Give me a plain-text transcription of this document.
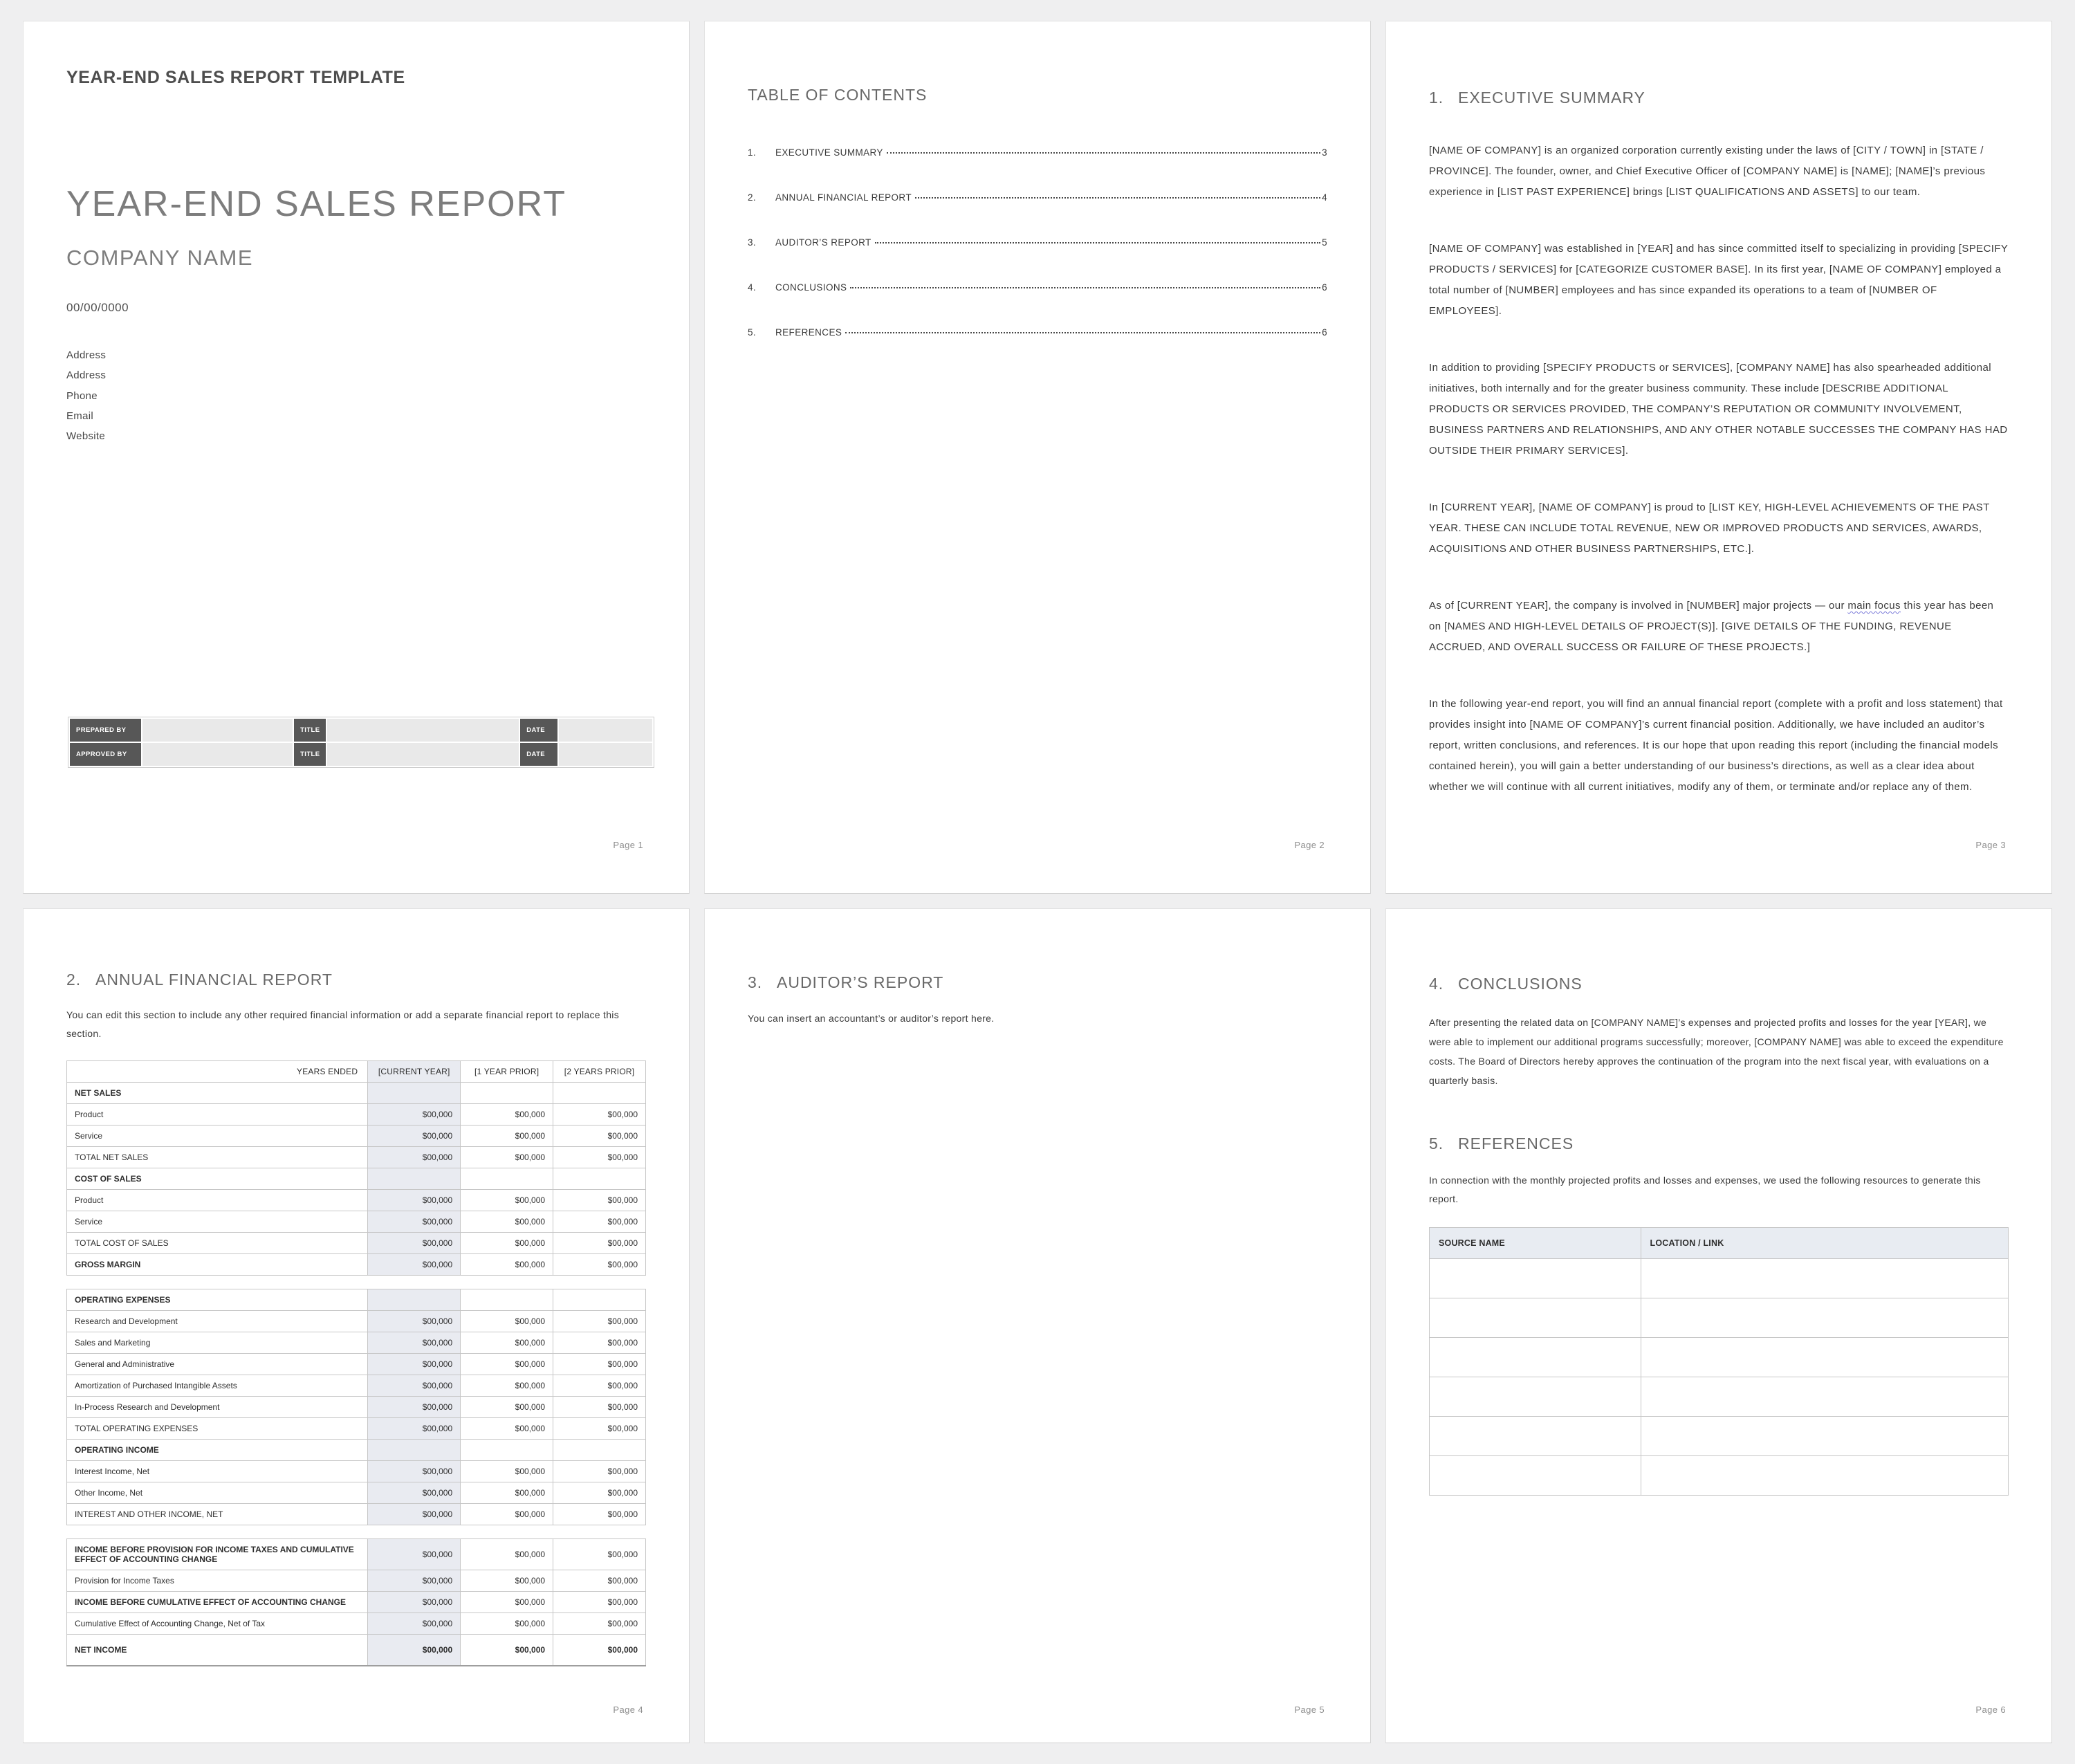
YEAR-END SALES REPORT TEMPLATE
YEAR-END SALES REPORT
COMPANY NAME
00/00/0000
Address
Address
Phone
Email
Website
PREPARED BY		TITLE		DATE	
APPROVED BY		TITLE		DATE	
Page 1
TABLE OF CONTENTS
1.	EXECUTIVE SUMMARY	3
2.	ANNUAL FINANCIAL REPORT	4
3.	AUDITOR’S REPORT	5
4.	CONCLUSIONS	6
5.	REFERENCES	6
Page 2
1. EXECUTIVE SUMMARY

[NAME OF COMPANY] is an organized corporation currently existing under the laws of [CITY / TOWN] in [STATE / PROVINCE]. The founder, owner, and Chief Executive Officer of [COMPANY NAME] is [NAME]; [NAME]’s previous experience in [LIST PAST EXPERIENCE] brings [LIST QUALIFICATIONS AND ASSETS] to our team.

[NAME OF COMPANY] was established in [YEAR] and has since committed itself to specializing in providing [SPECIFY PRODUCTS / SERVICES] for [CATEGORIZE CUSTOMER BASE]. In its first year, [NAME OF COMPANY] employed a total number of [NUMBER] employees and has since expanded its operations to a team of [NUMBER OF EMPLOYEES].

In addition to providing [SPECIFY PRODUCTS or SERVICES], [COMPANY NAME] has also spearheaded additional initiatives, both internally and for the greater business community. These include [DESCRIBE ADDITIONAL PRODUCTS OR SERVICES PROVIDED, THE COMPANY’S REPUTATION OR COMMUNITY INVOLVEMENT, BUSINESS PARTNERS AND RELATIONSHIPS, AND ANY OTHER NOTABLE SUCCESSES THE COMPANY HAS HAD OUTSIDE THEIR PRIMARY SERVICES].

In [CURRENT YEAR], [NAME OF COMPANY] is proud to [LIST KEY, HIGH-LEVEL ACHIEVEMENTS OF THE PAST YEAR. THESE CAN INCLUDE TOTAL REVENUE, NEW OR IMPROVED PRODUCTS AND SERVICES, AWARDS, ACQUISITIONS AND OTHER BUSINESS PARTNERSHIPS, ETC.].

As of [CURRENT YEAR], the company is involved in [NUMBER] major projects — our main focus this year has been on [NAMES AND HIGH-LEVEL DETAILS OF PROJECT(S)]. [GIVE DETAILS OF THE FUNDING, REVENUE ACCRUED, AND OVERALL SUCCESS OR FAILURE OF THESE PROJECTS.]

In the following year-end report, you will find an annual financial report (complete with a profit and loss statement) that provides insight into [NAME OF COMPANY]’s current financial position. Additionally, we have included an auditor’s report, written conclusions, and references. It is our hope that upon reading this report (including the financial models contained herein), you will gain a better understanding of our business’s directions, as well as a clear idea about whether we will continue with all current initiatives, modify any of them, or terminate and/or replace any of them.

Page 3
2. ANNUAL FINANCIAL REPORT

You can edit this section to include any other required financial information or add a separate financial report to replace this section.

YEARS ENDED	[CURRENT YEAR]	[1 YEAR PRIOR]	[2 YEARS PRIOR]
NET SALES			
Product	$00,000	$00,000	$00,000
Service	$00,000	$00,000	$00,000
TOTAL NET SALES	$00,000	$00,000	$00,000
COST OF SALES			
Product	$00,000	$00,000	$00,000
Service	$00,000	$00,000	$00,000
TOTAL COST OF SALES	$00,000	$00,000	$00,000
GROSS MARGIN	$00,000	$00,000	$00,000
OPERATING EXPENSES			
Research and Development	$00,000	$00,000	$00,000
Sales and Marketing	$00,000	$00,000	$00,000
General and Administrative	$00,000	$00,000	$00,000
Amortization of Purchased Intangible Assets	$00,000	$00,000	$00,000
In-Process Research and Development	$00,000	$00,000	$00,000
TOTAL OPERATING EXPENSES	$00,000	$00,000	$00,000
OPERATING INCOME			
Interest Income, Net	$00,000	$00,000	$00,000
Other Income, Net	$00,000	$00,000	$00,000
INTEREST AND OTHER INCOME, NET	$00,000	$00,000	$00,000
INCOME BEFORE PROVISION FOR INCOME TAXES AND CUMULATIVE EFFECT OF ACCOUNTING CHANGE	$00,000	$00,000	$00,000
Provision for Income Taxes	$00,000	$00,000	$00,000
INCOME BEFORE CUMULATIVE EFFECT OF ACCOUNTING CHANGE	$00,000	$00,000	$00,000
Cumulative Effect of Accounting Change, Net of Tax	$00,000	$00,000	$00,000
NET INCOME	$00,000	$00,000	$00,000
Page 4
3. AUDITOR’S REPORT

You can insert an accountant’s or auditor’s report here.

Page 5
4. CONCLUSIONS

After presenting the related data on [COMPANY NAME]’s expenses and projected profits and losses for the year [YEAR], we were able to implement our additional programs successfully; moreover, [COMPANY NAME] was able to exceed the expenditure costs. The Board of Directors hereby approves the continuation of the program into the next fiscal year, with evaluations on a quarterly basis.

5. REFERENCES

In connection with the monthly projected profits and losses and expenses, we used the following resources to generate this report.

SOURCE NAME	LOCATION / LINK

Page 6
